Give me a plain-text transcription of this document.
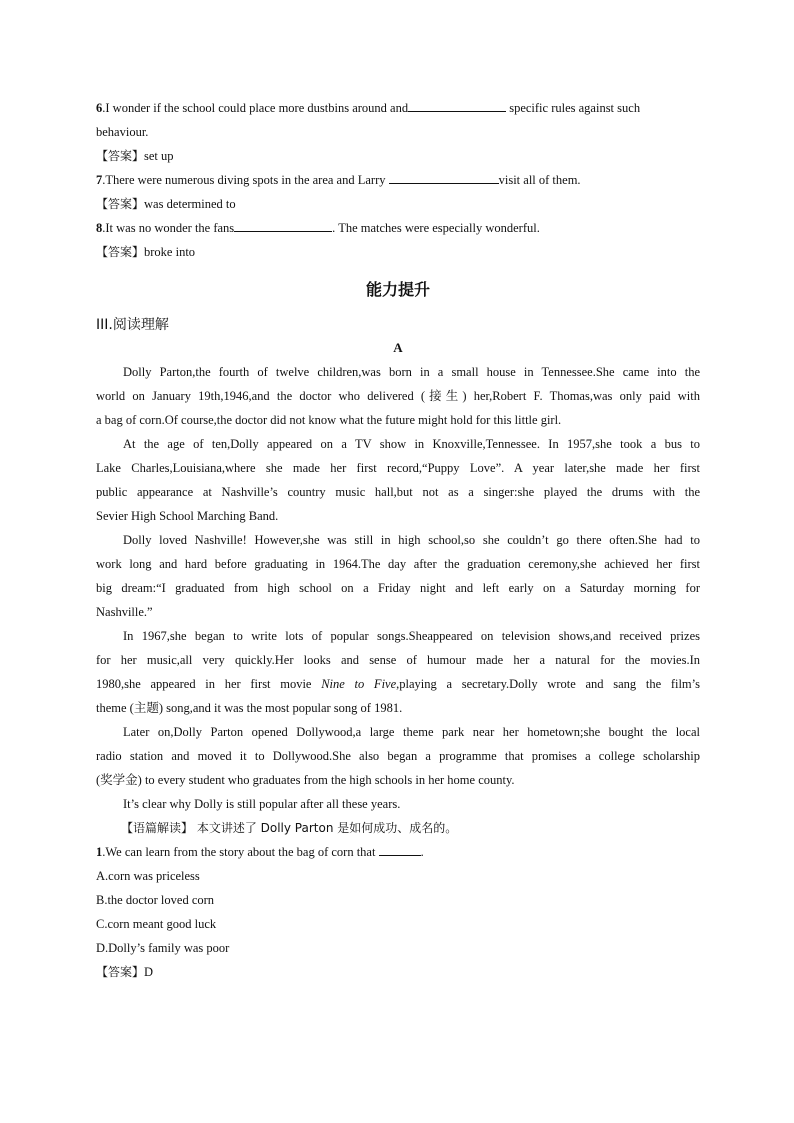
6.I wonder if the school could place more dustbins around and	specific rules against such
behaviour.
【答案】set up
7.There were numerous diving spots in the area and Larry	visit all of them.
【答案】was determined to
8.It was no wonder the fans	. The matches were especially wonderful.
【答案】broke into
能力提升
III.阅读理解
A
Dolly Parton,the fourth of twelve children,was born in a small house in Tennessee.She came into the
world on January 19th,1946,and the doctor who delivered (接生) her,Robert F. Thomas,was only paid with
a bag of corn.Of course,the doctor did not know what the future might hold for this little girl.
At the age of ten,Dolly appeared on a TV show in Knoxville,Tennessee. In 1957,she took a bus to
Lake Charles,Louisiana,where she made her first record,“Puppy Love”. A year later,she made her first
public appearance at Nashville’s country music hall,but not as a singer:she played the drums with the
Sevier High School Marching Band.
Dolly loved Nashville! However,she was still in high school,so she couldn’t go there often.She had to
work long and hard before graduating in 1964.The day after the graduation ceremony,she achieved her first
big dream:“I graduated from high school on a Friday night and left early on a Saturday morning for
Nashville.”
In 1967,she began to write lots of popular songs.Sheappeared on television shows,and received prizes
for her music,all very quickly.Her looks and sense of humour made her a natural for the movies.In
1980,she appeared in her first movie Nine to Five,playing a secretary.Dolly wrote and sang the film’s
theme (主题) song,and it was the most popular song of 1981.
Later on,Dolly Parton opened Dollywood,a large theme park near her hometown;she bought the local
radio station and moved it to Dollywood.She also began a programme that promises a college scholarship
(奖学金) to every student who graduates from the high schools in her home county.
It’s clear why Dolly is still popular after all these years.
【语篇解读】 本文讲述了 Dolly Parton 是如何成功、成名的。
1.We can learn from the story about the bag of corn that	.
A.corn was priceless
B.the doctor loved corn
C.corn meant good luck
D.Dolly’s family was poor
【答案】D
